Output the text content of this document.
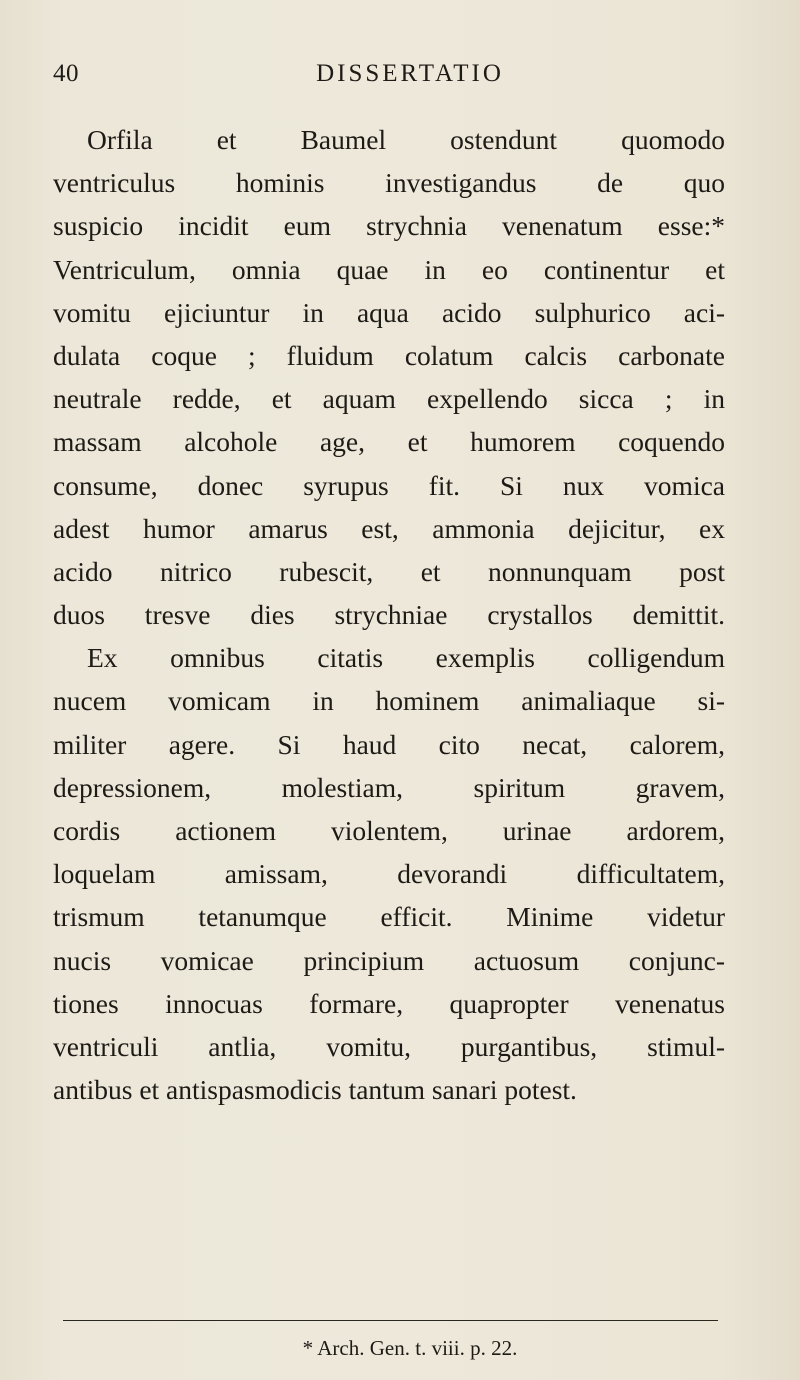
40	DISSERTATIO
Orfila et Baumel ostendunt quomodo
ventriculus hominis investigandus de quo
suspicio incidit eum strychnia venenatum esse:*
Ventriculum, omnia quae in eo continentur et
vomitu ejiciuntur in aqua acido sulphurico aci-
dulata coque ; fluidum colatum calcis carbonate
neutrale redde, et aquam expellendo sicca ; in
massam alcohole age, et humorem coquendo
consume, donec syrupus fit. Si nux vomica
adest humor amarus est, ammonia dejicitur, ex
acido nitrico rubescit, et nonnunquam post
duos tresve dies strychniae crystallos demittit.
Ex omnibus citatis exemplis colligendum
nucem vomicam in hominem animaliaque si-
militer agere. Si haud cito necat, calorem,
depressionem, molestiam, spiritum gravem,
cordis actionem violentem, urinae ardorem,
loquelam amissam, devorandi difficultatem,
trismum tetanumque efficit. Minime videtur
nucis vomicae principium actuosum conjunc-
tiones innocuas formare, quapropter venenatus
ventriculi antlia, vomitu, purgantibus, stimul-
antibus et antispasmodicis tantum sanari potest.
* Arch. Gen. t. viii. p. 22.
